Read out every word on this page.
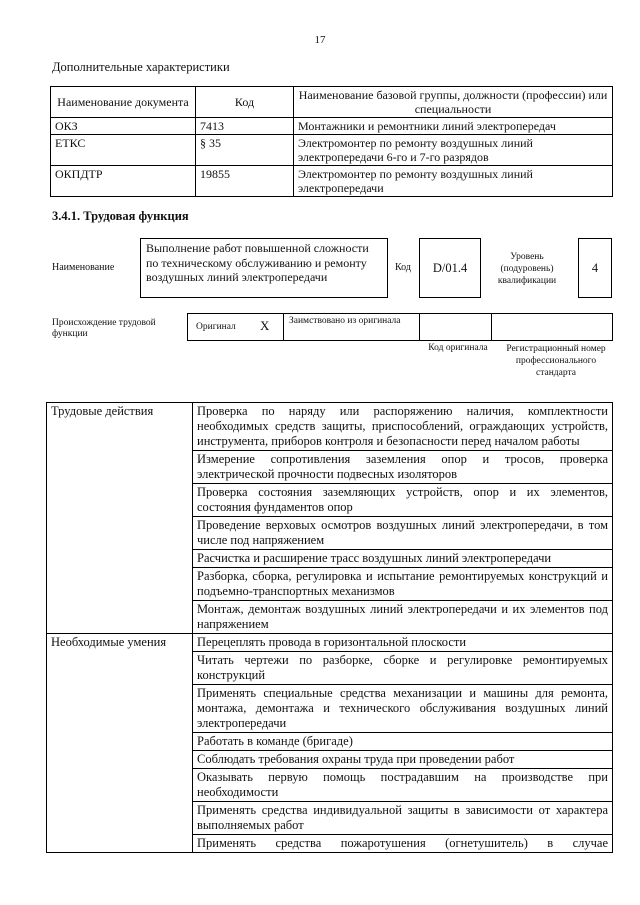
17
Дополнительные характеристики
Наименование документа	Код	Наименование базовой группы, должности (профессии) или специальности
ОКЗ	7413	Монтажники и ремонтники линий электропередач
ЕТКС	§ 35	Электромонтер по ремонту воздушных линий электропередачи 6-го и 7-го разрядов
ОКПДТР	19855	Электромонтер по ремонту воздушных линий электропередачи
3.4.1. Трудовая функция
Наименование
Выполнение работ повышенной сложности по техническому обслуживанию и ремонту воздушных линий электропередачи
Код	D/01.4
Уровень (подуровень) квалификации
4
Происхождение трудовой функции
Оригинал X Заимствовано из оригинала
Код оригинала	Регистрационный номер профессионального стандарта
Трудовые действия	Проверка по наряду или распоряжению наличия, комплектности необходимых средств защиты, приспособлений, ограждающих устройств, инструмента, приборов контроля и безопасности перед началом работы
	Измерение сопротивления заземления опор и тросов, проверка электрической прочности подвесных изоляторов
	Проверка состояния заземляющих устройств, опор и их элементов, состояния фундаментов опор
	Проведение верховых осмотров воздушных линий электропередачи, в том числе под напряжением
	Расчистка и расширение трасс воздушных линий электропередачи
	Разборка, сборка, регулировка и испытание ремонтируемых конструкций и подъемно-транспортных механизмов
	Монтаж, демонтаж воздушных линий электропередачи и их элементов под напряжением
Необходимые умения	Перецеплять провода в горизонтальной плоскости
	Читать чертежи по разборке, сборке и регулировке ремонтируемых конструкций
	Применять специальные средства механизации и машины для ремонта, монтажа, демонтажа и технического обслуживания воздушных линий электропередачи
	Работать в команде (бригаде)
	Соблюдать требования охраны труда при проведении работ
	Оказывать первую помощь пострадавшим на производстве при необходимости
	Применять средства индивидуальной защиты в зависимости от характера выполняемых работ
	Применять средства пожаротушения (огнетушитель) в случае
